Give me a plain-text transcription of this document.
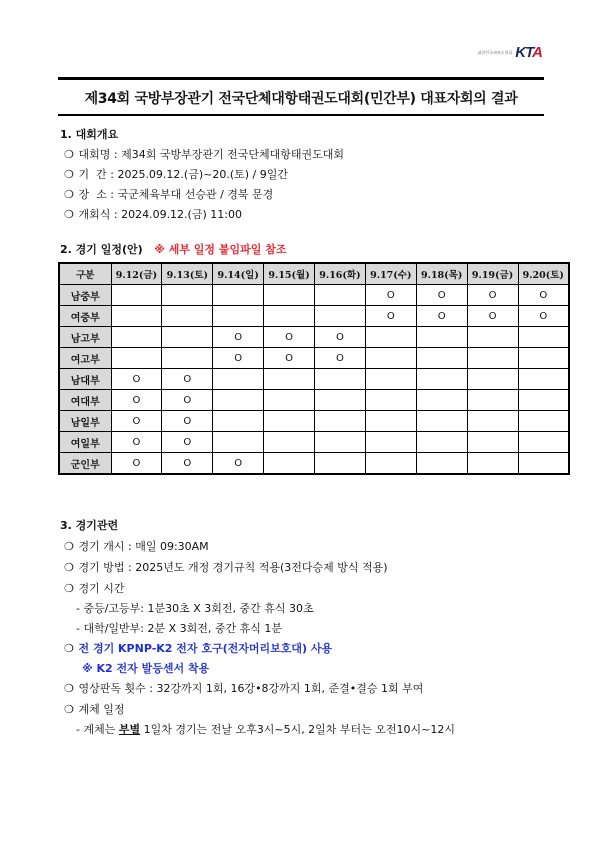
대한민국태권도협회 KTA
제34회 국방부장관기 전국단체대항태권도대회(민간부) 대표자회의 결과
1. 대회개요
❍ 대회명 : 제34회 국방부장관기 전국단체대항태권도대회
❍ 기  간 : 2025.09.12.(금)~20.(토) / 9일간
❍ 장  소 : 국군체육부대 선승관 / 경북 문경
❍ 개회식 : 2024.09.12.(금) 11:00
2. 경기 일정(안) ※ 세부 일정 붙임파일 참조
구분	9.12(금)	9.13(토)	9.14(일)	9.15(월)	9.16(화)	9.17(수)	9.18(목)	9.19(금)	9.20(토)
남중부						O	O	O	O
여중부						O	O	O	O
남고부			O	O	O				
여고부			O	O	O				
남대부	O	O							
여대부	O	O							
남일부	O	O							
여일부	O	O							
군인부	O	O	O						
3. 경기관련
❍ 경기 개시 : 매일 09:30AM
❍ 경기 방법 : 2025년도 개정 경기규칙 적용(3전다승제 방식 적용)
❍ 경기 시간
- 중등/고등부: 1분30초 X 3회전, 중간 휴식 30초
- 대학/일반부: 2분 X 3회전, 중간 휴식 1분
❍ 전 경기 KPNP-K2 전자 호구(전자머리보호대) 사용
※ K2 전자 발등센서 착용
❍ 영상판독 횟수 : 32강까지 1회, 16강•8강까지 1회, 준결•결승 1회 부여
❍ 계체 일정
- 계체는 부별 1일차 경기는 전날 오후3시~5시, 2일차 부터는 오전10시~12시
